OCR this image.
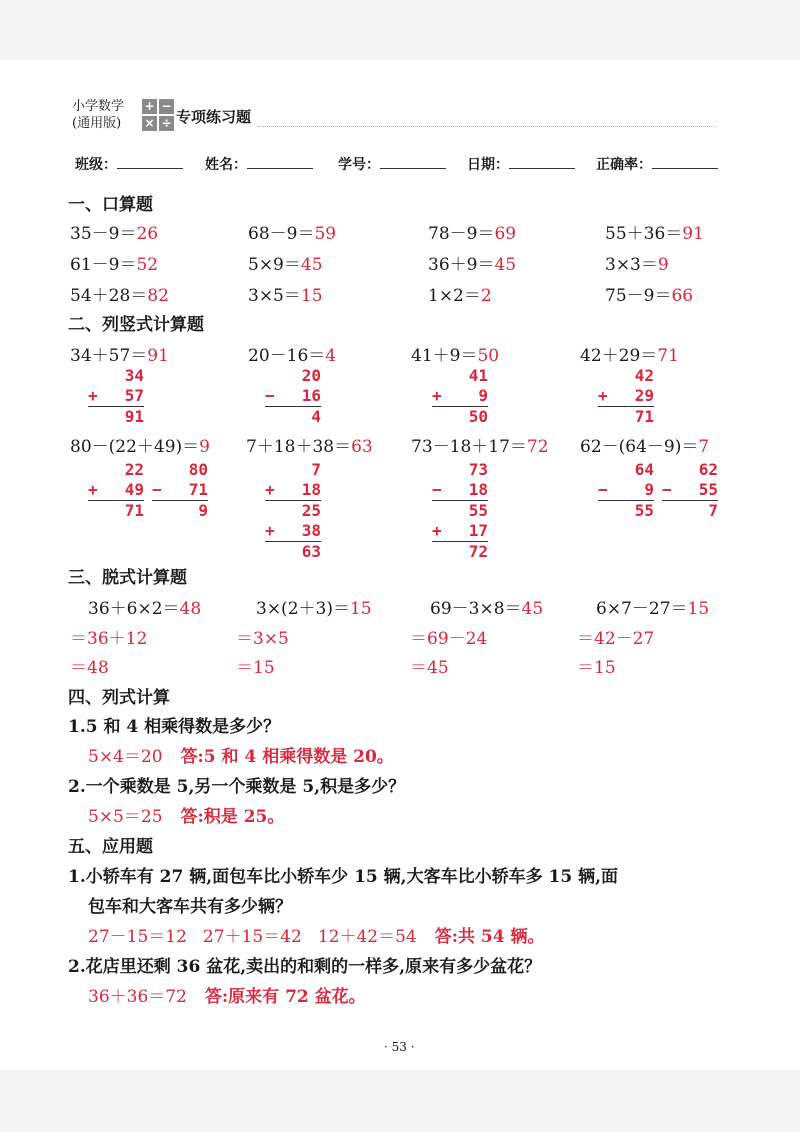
小学数学
(通用版)
+ −
× ÷ 专项练习题
班级：	姓名：	学号：	日期：	正确率：
一、口算题
35－9＝26	68－9＝59	78－9＝69	55＋36＝91
61－9＝52	5×9＝45	36＋9＝45	3×3＝9
54＋28＝82	3×5＝15	1×2＝2	75－9＝66
二、列竖式计算题
34＋57＝91	20－16＝4	41＋9＝50	42＋29＝71
34
+	57
91
20
−	16
4
41
+	9
50
42
+	29
71
80－(22＋49)＝9 7＋18＋38＝63 73－18＋17＝72 62－(64－9)＝7
22
+	49
71
80
−	71
9
7
+	18
25
+	38
63
73
−	18
55
+	17
72
64
−	9
55
62
−	55
7
三、脱式计算题
36＋6×2＝48	3×(2＋3)＝15	69－3×8＝45	6×7－27＝15
＝36＋12	＝3×5	＝69－24	＝42－27
＝48	＝15	＝45	＝15
四、列式计算
1.5 和 4 相乘得数是多少？
5×4＝20 答:5 和 4 相乘得数是 20。
2.一个乘数是 5,另一个乘数是 5,积是多少？
5×5＝25 答:积是 25。
五、应用题
1.小轿车有 27 辆,面包车比小轿车少 15 辆,大客车比小轿车多 15 辆,面
包车和大客车共有多少辆？
27－15＝12 27＋15＝42 12＋42＝54 答:共 54 辆。
2.花店里还剩 36 盆花,卖出的和剩的一样多,原来有多少盆花？
36＋36＝72 答:原来有 72 盆花。
· 53 ·
